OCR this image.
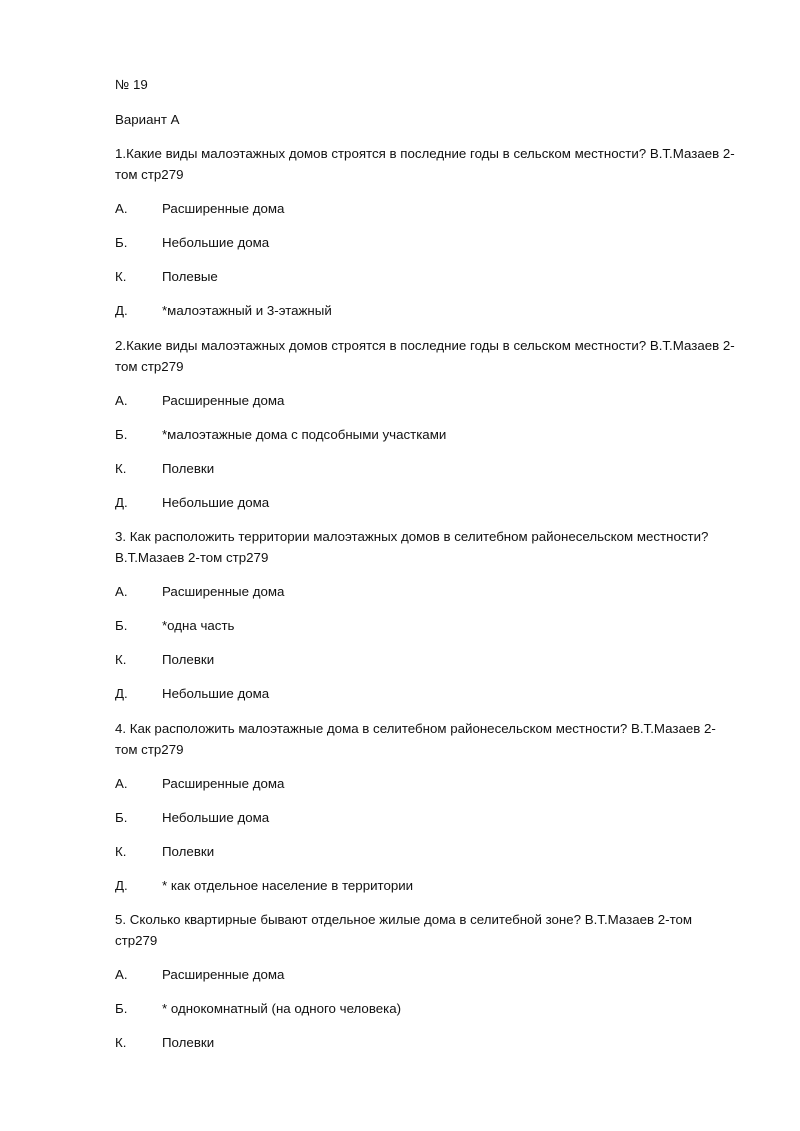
№ 19
Вариант А
1.Какие виды малоэтажных домов строятся в последние годы в сельском местности? В.Т.Мазаев 2-том стр279
А.	Расширенные дома
Б.	Небольшие дома
К.	Полевые
Д.	*малоэтажный и 3-этажный
2.Какие виды малоэтажных домов строятся в последние годы в сельском местности? В.Т.Мазаев 2-том стр279
А.	Расширенные дома
Б.	*малоэтажные дома с подсобными участками
К.	Полевки
Д.	Небольшие дома
3. Как расположить территории малоэтажных домов в селитебном районесельском местности? В.Т.Мазаев 2-том стр279
А.	Расширенные дома
Б.	*одна часть
К.	Полевки
Д.	Небольшие дома
4. Как расположить малоэтажные дома в селитебном районесельском местности? В.Т.Мазаев 2-том стр279
А.	Расширенные дома
Б.	Небольшие дома
К.	Полевки
Д.	* как отдельное население в территории
5. Сколько квартирные бывают отдельное жилые дома в селитебной зоне? В.Т.Мазаев 2-том стр279
А.	Расширенные дома
Б.	* однокомнатный (на одного человека)
К.	Полевки
